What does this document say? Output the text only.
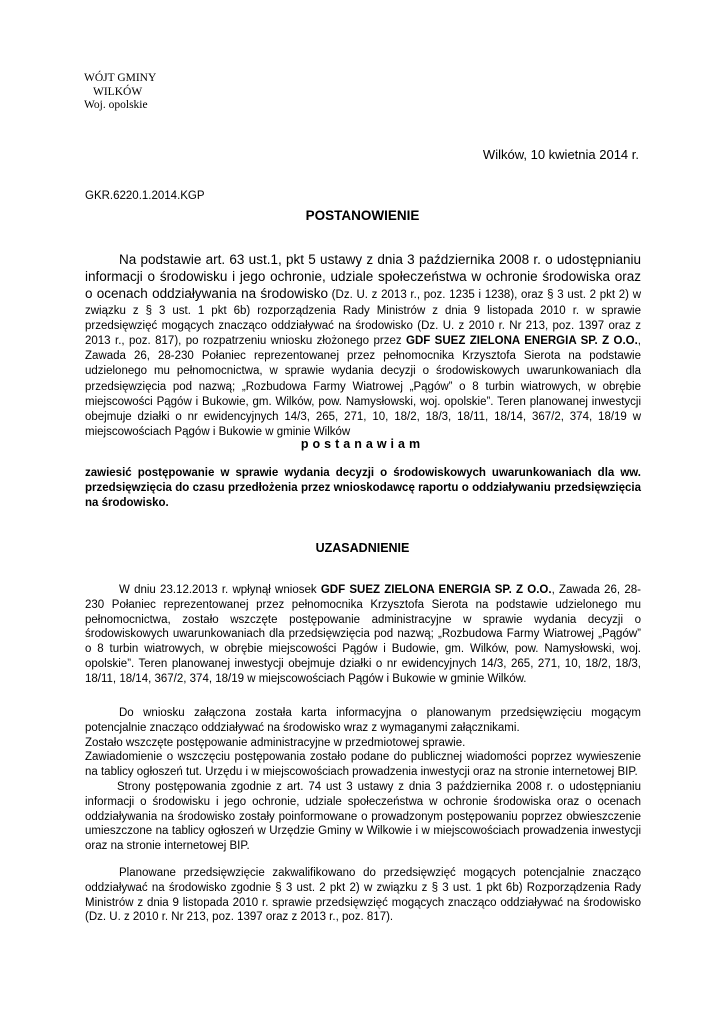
WÓJT GMINY
WILKÓW
Woj. opolskie
Wilków, 10 kwietnia 2014 r.
GKR.6220.1.2014.KGP
POSTANOWIENIE
Na podstawie art. 63 ust.1, pkt 5 ustawy z dnia 3 października 2008 r. o udostępnianiu informacji o środowisku i jego ochronie, udziale społeczeństwa w ochronie środowiska oraz o ocenach oddziaływania na środowisko (Dz. U. z 2013 r., poz. 1235 i 1238), oraz § 3 ust. 2 pkt 2) w związku z § 3 ust. 1 pkt 6b) rozporządzenia Rady Ministrów z dnia 9 listopada 2010 r. w sprawie przedsięwzięć mogących znacząco oddziaływać na środowisko (Dz. U. z 2010 r. Nr 213, poz. 1397 oraz z 2013 r., poz. 817), po rozpatrzeniu wniosku złożonego przez GDF SUEZ ZIELONA ENERGIA SP. Z O.O., Zawada 26, 28-230 Połaniec reprezentowanej przez pełnomocnika Krzysztofa Sierota na podstawie udzielonego mu pełnomocnictwa, w sprawie wydania decyzji o środowiskowych uwarunkowaniach dla przedsięwzięcia pod nazwą; „Rozbudowa Farmy Wiatrowej „Pągów” o 8 turbin wiatrowych, w obrębie miejscowości Pągów i Bukowie, gm. Wilków, pow. Namysłowski, woj. opolskie”. Teren planowanej inwestycji obejmuje działki o nr ewidencyjnych 14/3, 265, 271, 10, 18/2, 18/3, 18/11, 18/14, 367/2, 374, 18/19 w miejscowościach Pągów i Bukowie w gminie Wilków
postanawiam
zawiesić postępowanie w sprawie wydania decyzji o środowiskowych uwarunkowaniach dla ww. przedsięwzięcia do czasu przedłożenia przez wnioskodawcę raportu o oddziaływaniu przedsięwzięcia na środowisko.
UZASADNIENIE
W dniu 23.12.2013 r. wpłynął wniosek GDF SUEZ ZIELONA ENERGIA SP. Z O.O., Zawada 26, 28-230 Połaniec reprezentowanej przez pełnomocnika Krzysztofa Sierota na podstawie udzielonego mu pełnomocnictwa, zostało wszczęte postępowanie administracyjne w sprawie wydania decyzji o środowiskowych uwarunkowaniach dla przedsięwzięcia pod nazwą; „Rozbudowa Farmy Wiatrowej „Pągów” o 8 turbin wiatrowych, w obrębie miejscowości Pągów i Budowie, gm. Wilków, pow. Namysłowski, woj. opolskie”. Teren planowanej inwestycji obejmuje działki o nr ewidencyjnych 14/3, 265, 271, 10, 18/2, 18/3, 18/11, 18/14, 367/2, 374, 18/19 w miejscowościach Pągów i Bukowie w gminie Wilków.
Do wniosku załączona została karta informacyjna o planowanym przedsięwzięciu mogącym potencjalnie znacząco oddziaływać na środowisko wraz z wymaganymi załącznikami.
Zostało wszczęte postępowanie administracyjne w przedmiotowej sprawie.
Zawiadomienie o wszczęciu postępowania zostało podane do publicznej wiadomości poprzez wywieszenie na tablicy ogłoszeń tut. Urzędu i w miejscowościach prowadzenia inwestycji oraz na stronie internetowej BIP.
Strony postępowania zgodnie z art. 74 ust 3 ustawy z dnia 3 października 2008 r. o udostępnianiu informacji o środowisku i jego ochronie, udziale społeczeństwa w ochronie środowiska oraz o ocenach oddziaływania na środowisko zostały poinformowane o prowadzonym postępowaniu poprzez obwieszczenie umieszczone na tablicy ogłoszeń w Urzędzie Gminy w Wilkowie i w miejscowościach prowadzenia inwestycji oraz na stronie internetowej BIP.
Planowane przedsięwzięcie zakwalifikowano do przedsięwzięć mogących potencjalnie znacząco oddziaływać na środowisko zgodnie § 3 ust. 2 pkt 2) w związku z § 3 ust. 1 pkt 6b) Rozporządzenia Rady Ministrów z dnia 9 listopada 2010 r. sprawie przedsięwzięć mogących znacząco oddziaływać na środowisko (Dz. U. z 2010 r. Nr 213, poz. 1397 oraz z 2013 r., poz. 817).
